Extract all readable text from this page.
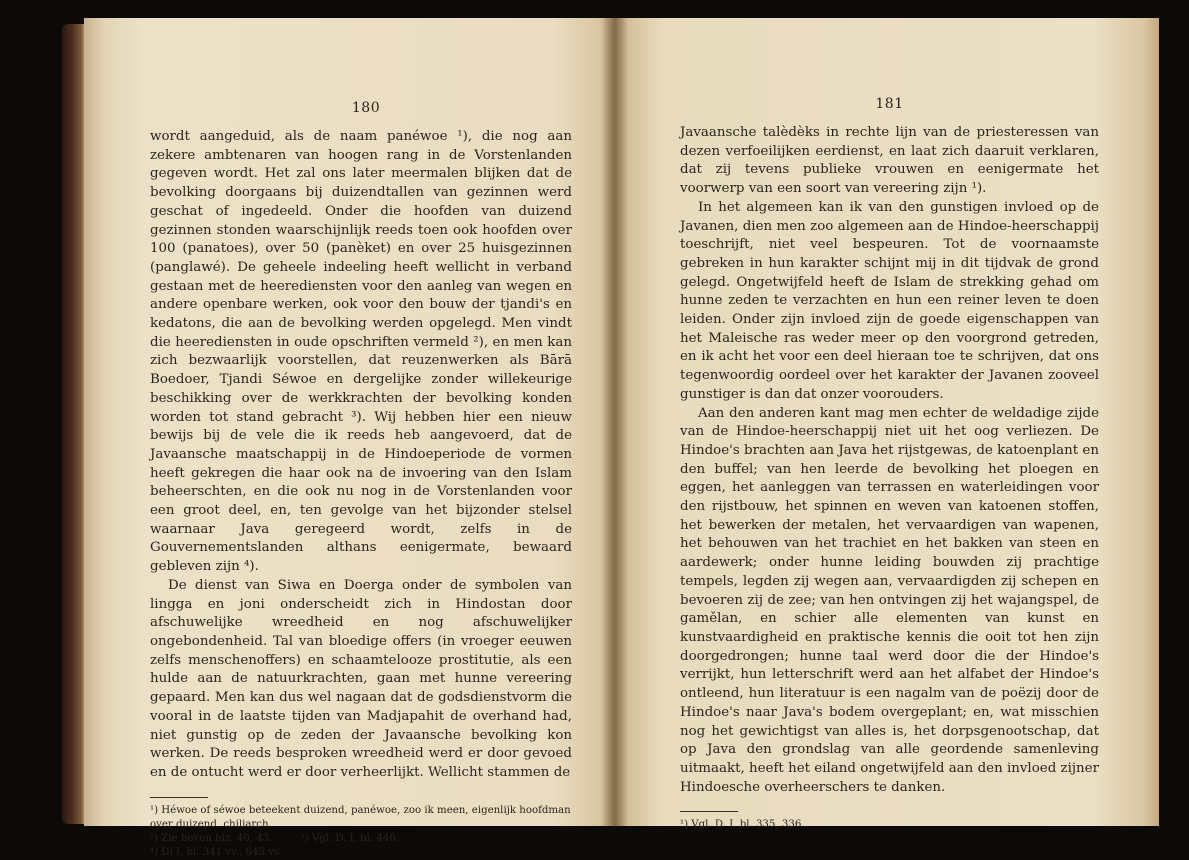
180

wordt aangeduid, als de naam panéwoe ¹), die nog aan zekere ambtenaren van hoogen rang in de Vorstenlanden gegeven wordt. Het zal ons later meermalen blijken dat de bevolking doorgaans bij duizendtallen van gezinnen werd geschat of ingedeeld. Onder die hoofden van duizend gezinnen stonden waarschijnlijk reeds toen ook hoofden over 100 (panatoes), over 50 (panèket) en over 25 huisgezinnen (panglawé). De geheele indeeling heeft wellicht in verband gestaan met de heerediensten voor den aanleg van wegen en andere openbare werken, ook voor den bouw der tjandi's en kedatons, die aan de bevolking werden opgelegd. Men vindt die heerediensten in oude opschriften vermeld ²), en men kan zich bezwaarlijk voorstellen, dat reuzenwerken als Bārā Boedoer, Tjandi Séwoe en dergelijke zonder willekeurige beschikking over de werkkrachten der bevolking konden worden tot stand gebracht ³). Wij hebben hier een nieuw bewijs bij de vele die ik reeds heb aangevoerd, dat de Javaansche maatschappij in de Hindoeperiode de vormen heeft gekregen die haar ook na de invoering van den Islam beheerschten, en die ook nu nog in de Vorstenlanden voor een groot deel, en, ten gevolge van het bijzonder stelsel waarnaar Java geregeerd wordt, zelfs in de Gouvernementslanden althans eenigermate, bewaard gebleven zijn ⁴).

De dienst van Siwa en Doerga onder de symbolen van lingga en joni onderscheidt zich in Hindostan door afschuwelijke wreedheid en nog afschuwelijker ongebondenheid. Tal van bloedige offers (in vroeger eeuwen zelfs menschenoffers) en schaamtelooze prostitutie, als een hulde aan de natuurkrachten, gaan met hunne vereering gepaard. Men kan dus wel nagaan dat de godsdienstvorm die vooral in de laatste tijden van Madjapahit de overhand had, niet gunstig op de zeden der Javaansche bevolking kon werken. De reeds besproken wreedheid werd er door gevoed en de ontucht werd er door verheerlijkt. Wellicht stammen de

¹) Héwoe of séwoe beteekent duizend, panéwoe, zoo ik meen, eigenlijk hoofdman over duizend, chiliarch.
²) Zie boven blz. 40, 43.	³) Vgl. D. I, bl. 446.
⁴) Dl I, bl. 341 vv., 645 vv.
181

Javaansche talèdèks in rechte lijn van de priesteressen van dezen verfoeilijken eerdienst, en laat zich daaruit verklaren, dat zij tevens publieke vrouwen en eenigermate het voorwerp van een soort van vereering zijn ¹).

In het algemeen kan ik van den gunstigen invloed op de Javanen, dien men zoo algemeen aan de Hindoe-heerschappij toeschrijft, niet veel bespeuren. Tot de voornaamste gebreken in hun karakter schijnt mij in dit tijdvak de grond gelegd. Ongetwijfeld heeft de Islam de strekking gehad om hunne zeden te verzachten en hun een reiner leven te doen leiden. Onder zijn invloed zijn de goede eigenschappen van het Maleische ras weder meer op den voorgrond getreden, en ik acht het voor een deel hieraan toe te schrijven, dat ons tegenwoordig oordeel over het karakter der Javanen zooveel gunstiger is dan dat onzer voorouders.

Aan den anderen kant mag men echter de weldadige zijde van de Hindoe-heerschappij niet uit het oog verliezen. De Hindoe's brachten aan Java het rijstgewas, de katoenplant en den buffel; van hen leerde de bevolking het ploegen en eggen, het aanleggen van terrassen en waterleidingen voor den rijstbouw, het spinnen en weven van katoenen stoffen, het bewerken der metalen, het vervaardigen van wapenen, het behouwen van het trachiet en het bakken van steen en aardewerk; onder hunne leiding bouwden zij prachtige tempels, legden zij wegen aan, vervaardigden zij schepen en bevoeren zij de zee; van hen ontvingen zij het wajangspel, de gamělan, en schier alle elementen van kunst en kunstvaardigheid en praktische kennis die ooit tot hen zijn doorgedrongen; hunne taal werd door die der Hindoe's verrijkt, hun letterschrift werd aan het alfabet der Hindoe's ontleend, hun literatuur is een nagalm van de poëzij door de Hindoe's naar Java's bodem overgeplant; en, wat misschien nog het gewichtigst van alles is, het dorpsgenootschap, dat op Java den grondslag van alle geordende samenleving uitmaakt, heeft het eiland ongetwijfeld aan den invloed zijner Hindoesche overheerschers te danken.

¹) Vgl. D. I, bl. 335, 336.
